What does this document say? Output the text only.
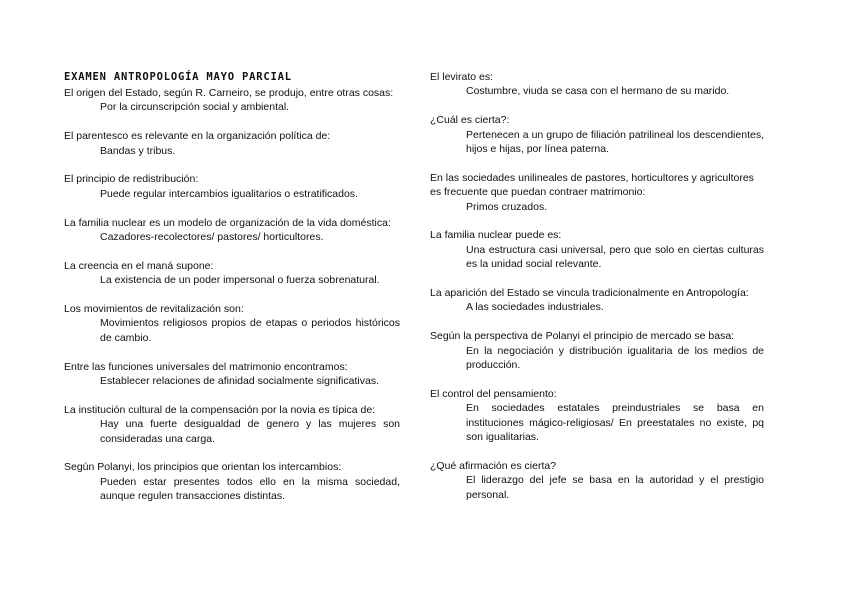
EXAMEN ANTROPOLOGÍA MAYO PARCIAL

El origen del Estado, según R. Carneiro, se produjo, entre otras cosas:

Por la circunscripción social y ambiental.

El parentesco es relevante en la organización política de:

Bandas y tribus.

El principio de redistribución:

Puede regular intercambios igualitarios o estratificados.

La familia nuclear es un modelo de organización de la vida doméstica:

Cazadores-recolectores/ pastores/ horticultores.

La creencia en el maná supone:

La existencia de un poder impersonal o fuerza sobrenatural.

Los movimientos de revitalización son:

Movimientos religiosos propios de etapas o periodos históricos de cambio.

Entre las funciones universales del matrimonio encontramos:

Establecer relaciones de afinidad socialmente significativas.

La institución cultural de la compensación por la novia es típica de:

Hay una fuerte desigualdad de genero y las mujeres son consideradas una carga.

Según Polanyi, los principios que orientan los intercambios:

Pueden estar presentes todos ello en la misma sociedad, aunque regulen transacciones distintas.

El levirato es:

Costumbre, viuda se casa con el hermano de su marido.

¿Cuál es cierta?:

Pertenecen a un grupo de filiación patrilineal los descendientes, hijos e hijas, por línea paterna.

En las sociedades unilineales de pastores, horticultores y agricultores es frecuente que puedan contraer matrimonio:

Primos cruzados.

La familia nuclear puede es:

Una estructura casi universal, pero que solo en ciertas culturas es la unidad social relevante.

La aparición del Estado se vincula tradicionalmente en Antropología:

A las sociedades industriales.

Según la perspectiva de Polanyi el principio de mercado se basa:

En la negociación y distribución igualitaria de los medios de producción.

El control del pensamiento:

En sociedades estatales preindustriales se basa en instituciones mágico-religiosas/ En preestatales no existe, pq son igualitarias.

¿Qué afirmación es cierta?

El liderazgo del jefe se basa en la autoridad y el prestigio personal.
